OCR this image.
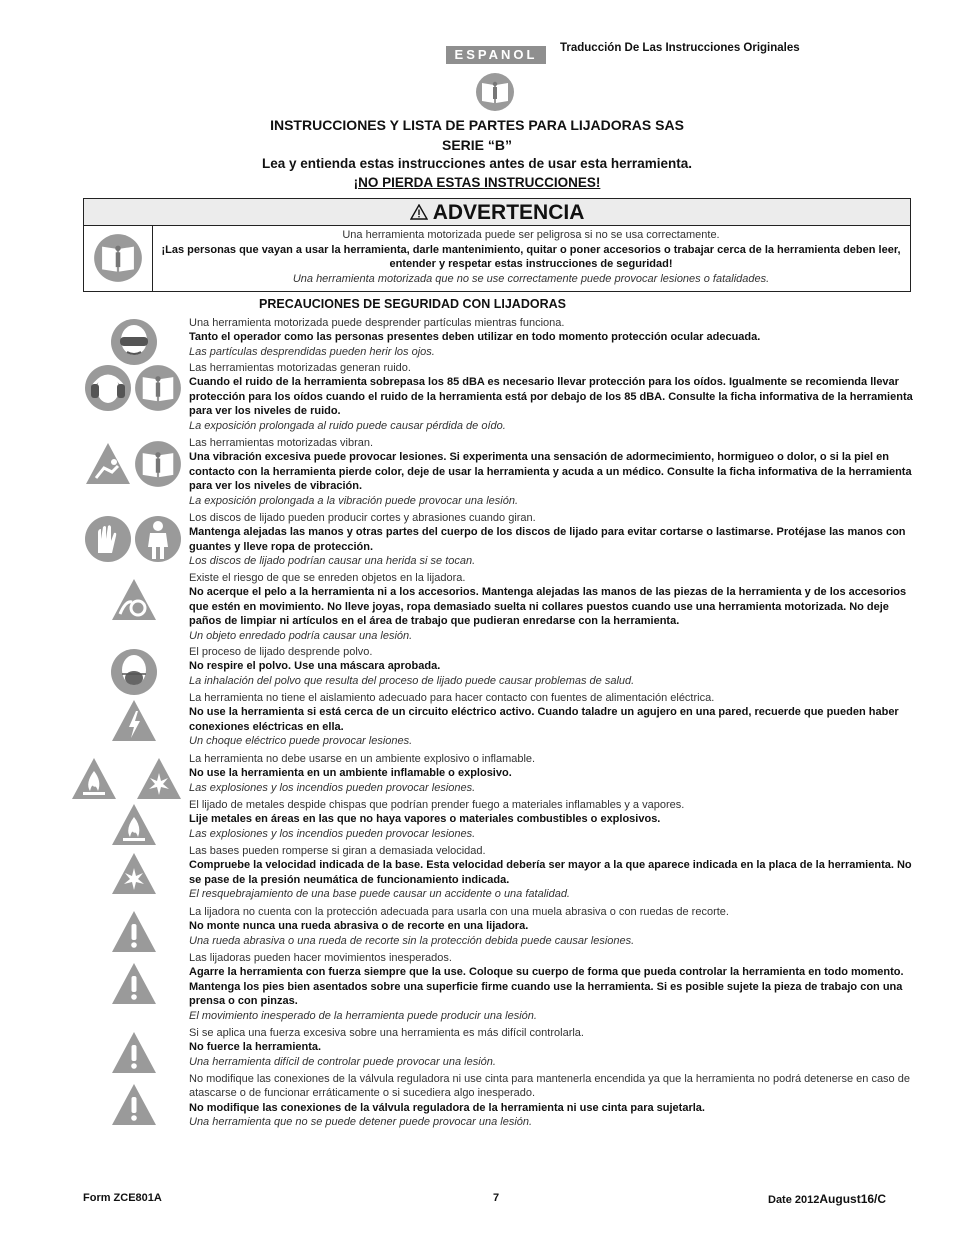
ESPANOL	Traducción De Las Instrucciones Originales
INSTRUCCIONES Y LISTA DE PARTES PARA LIJADORAS SAS
SERIE “B”
Lea y entienda estas instrucciones antes de usar esta herramienta.
¡NO PIERDA ESTAS INSTRUCCIONES!
ADVERTENCIA
Una herramienta motorizada puede ser peligrosa si no se usa correctamente.
¡Las personas que vayan a usar la herramienta, darle mantenimiento, quitar o poner accesorios o trabajar cerca de la herramienta deben leer, entender y respetar estas instrucciones de seguridad!
Una herramienta motorizada que no se use correctamente puede provocar lesiones o fatalidades.
PRECAUCIONES DE SEGURIDAD CON LIJADORAS
Una herramienta motorizada puede desprender partículas mientras funciona.
Tanto el operador como las personas presentes deben utilizar en todo momento protección ocular adecuada.
Las partículas desprendidas pueden herir los ojos.
Las herramientas motorizadas generan ruido.
Cuando el ruido de la herramienta sobrepasa los 85 dBA es necesario llevar protección para los oídos. Igualmente se recomienda llevar protección para los oídos cuando el ruido de la herramienta está por debajo de los 85 dBA. Consulte la ficha informativa de la herramienta para ver los niveles de ruido.
La exposición prolongada al ruido puede causar pérdida de oído.
Las herramientas motorizadas vibran.
Una vibración excesiva puede provocar lesiones. Si experimenta una sensación de adormecimiento, hormigueo o dolor, o si la piel en contacto con la herramienta pierde color, deje de usar la herramienta y acuda a un médico. Consulte la ficha informativa de la herramienta para ver los niveles de vibración.
La exposición prolongada a la vibración puede provocar una lesión.
Los discos de lijado pueden producir cortes y abrasiones cuando giran.
Mantenga alejadas las manos y otras partes del cuerpo de los discos de lijado para evitar cortarse o lastimarse. Protéjase las manos con guantes y lleve ropa de protección.
Los discos de lijado podrían causar una herida si se tocan.
Existe el riesgo de que se enreden objetos en la lijadora.
No acerque el pelo a la herramienta ni a los accesorios. Mantenga alejadas las manos de las piezas de la herramienta y de los accesorios que estén en movimiento. No lleve joyas, ropa demasiado suelta ni collares puestos cuando use una herramienta motorizada. No deje paños de limpiar ni artículos en el área de trabajo que pudieran enredarse con la herramienta.
Un objeto enredado podría causar una lesión.
El proceso de lijado desprende polvo.
No respire el polvo. Use una máscara aprobada.
La inhalación del polvo que resulta del proceso de lijado puede causar problemas de salud.
La herramienta no tiene el aislamiento adecuado para hacer contacto con fuentes de alimentación eléctrica.
No use la herramienta si está cerca de un circuito eléctrico activo. Cuando taladre un agujero en una pared, recuerde que pueden haber conexiones eléctricas en ella.
Un choque eléctrico puede provocar lesiones.
La herramienta no debe usarse en un ambiente explosivo o inflamable.
No use la herramienta en un ambiente inflamable o explosivo.
Las explosiones y los incendios pueden provocar lesiones.
El lijado de metales despide chispas que podrían prender fuego a materiales inflamables y a vapores.
Lije metales en áreas en las que no haya vapores o materiales combustibles o explosivos.
Las explosiones y los incendios pueden provocar lesiones.
Las bases pueden romperse si giran a demasiada velocidad.
Compruebe la velocidad indicada de la base. Esta velocidad debería ser mayor a la que aparece indicada en la placa de la herramienta. No se pase de la presión neumática de funcionamiento indicada.
El resquebrajamiento de una base puede causar un accidente o una fatalidad.
La lijadora no cuenta con la protección adecuada para usarla con una muela abrasiva o con ruedas de recorte.
No monte nunca una rueda abrasiva o de recorte en una lijadora.
Una rueda abrasiva o una rueda de recorte sin la protección debida puede causar lesiones.
Las lijadoras pueden hacer movimientos inesperados.
Agarre la herramienta con fuerza siempre que la use. Coloque su cuerpo de forma que pueda controlar la herramienta en todo momento. Mantenga los pies bien asentados sobre una superficie firme cuando use la herramienta. Si es posible sujete la pieza de trabajo con una prensa o con pinzas.
El movimiento inesperado de la herramienta puede producir una lesión.
Si se aplica una fuerza excesiva sobre una herramienta es más difícil controlarla.
No fuerce la herramienta.
Una herramienta difícil de controlar puede provocar una lesión.
No modifique las conexiones de la válvula reguladora ni use cinta para mantenerla encendida ya que la herramienta no podrá detenerse en caso de atascarse o de funcionar erráticamente o si sucediera algo inesperado.
No modifique las conexiones de la válvula reguladora de la herramienta ni use cinta para sujetarla.
Una herramienta que no se puede detener puede provocar una lesión.
Form ZCE801A	7	Date 2012August16/C
